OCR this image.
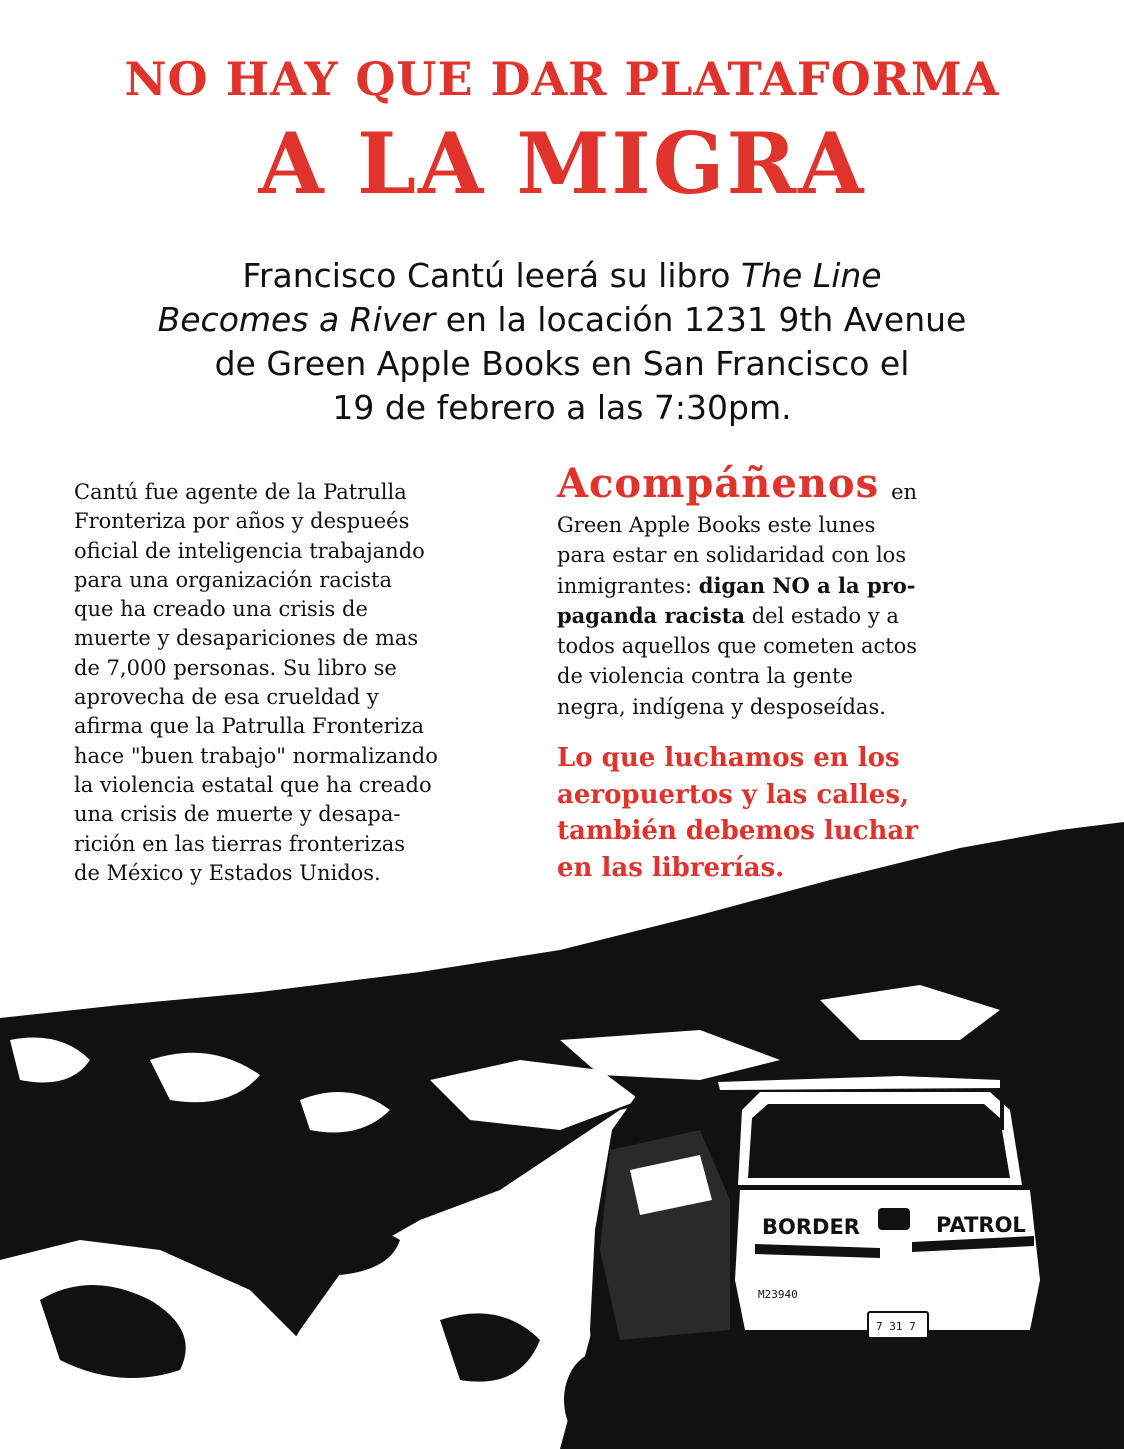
BORDER	PATROL
M23940
7 31 7
NO HAY QUE DAR PLATAFORMA
A LA MIGRA
Francisco Cantú leerá su libro The Line
Becomes a River en la locación 1231 9th Avenue
de Green Apple Books en San Francisco el
19 de febrero a las 7:30pm.
Cantú fue agente de la Patrulla
Fronteriza por años y despueés
oficial de inteligencia trabajando
para una organización racista
que ha creado una crisis de
muerte y desapariciones de mas
de 7,000 personas. Su libro se
aprovecha de esa crueldad y
afirma que la Patrulla Fronteriza
hace "buen trabajo" normalizando
la violencia estatal que ha creado
una crisis de muerte y desapa-
rición en las tierras fronterizas
de México y Estados Unidos.
Acompáñenos en
Green Apple Books este lunes
para estar en solidaridad con los
inmigrantes: digan NO a la pro-
paganda racista del estado y a
todos aquellos que cometen actos
de violencia contra la gente
negra, indígena y desposeídas.
Lo que luchamos en los
aeropuertos y las calles,
también debemos luchar
en las librerías.
